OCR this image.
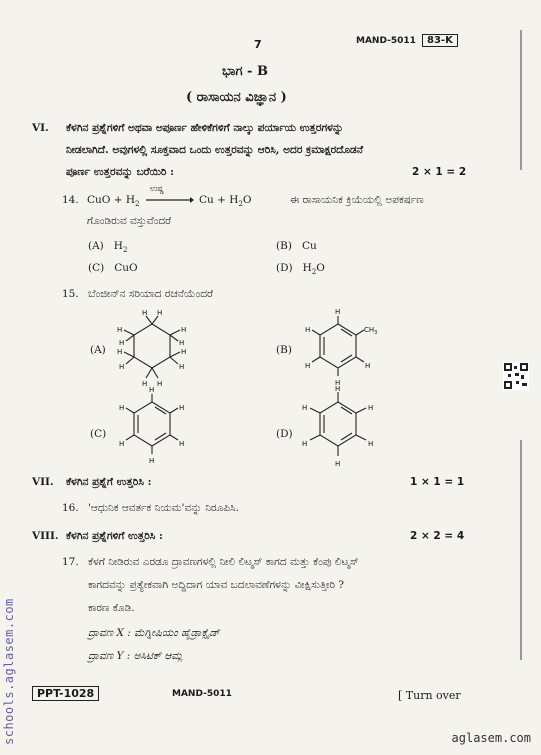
7	MAND-5011	83-K
ಭಾಗ - B
( ರಾಸಾಯನ ವಿಜ್ಞಾನ )
VI. ಕೆಳಗಿನ ಪ್ರಶ್ನೆಗಳಿಗೆ ಅಥವಾ ಅಪೂರ್ಣ ಹೇಳಿಕೆಗಳಿಗೆ ನಾಲ್ಕು ಪರ್ಯಾಯ ಉತ್ತರಗಳನ್ನು
ನೀಡಲಾಗಿದೆ. ಅವುಗಳಲ್ಲಿ ಸೂಕ್ತವಾದ ಒಂದು ಉತ್ತರವನ್ನು ಆರಿಸಿ, ಅದರ ಕ್ರಮಾಕ್ಷರದೊಡನೆ
ಪೂರ್ಣ ಉತ್ತರವನ್ನು ಬರೆಯಿರಿ :	2 × 1 = 2
14. CuO + $H_2$
ಉಷ್ಣ
→ $Cu + H_2O$	ಈ ರಾಸಾಯನಿಕ ಕ್ರಿಯೆಯಲ್ಲಿ ಅಪಕರ್ಷಣ
ಗೊಂಡಿರುವ ವಸ್ತುವೆಂದರೆ
(A) $H_2$	(B) Cu
(C) CuO	(D) $H_2O$
15. ಬೆಂಜೀನ್‌ನ ಸರಿಯಾದ ರಚನೆಯೆಂದರೆ
(A)	(B)
(C)	(D)
H H
H
H
H
H
H H
H
H
H
H
H
$CH_3$
H
H
H
H
H
H
H
H
H
H
H
H
H
H
H
H
VII. ಕೆಳಗಿನ ಪ್ರಶ್ನೆಗೆ ಉತ್ತರಿಸಿ :	1 × 1 = 1
16. 'ಆಧುನಿಕ ಆವರ್ತಕ ನಿಯಮ'ವನ್ನು ನಿರೂಪಿಸಿ.
VIII. ಕೆಳಗಿನ ಪ್ರಶ್ನೆಗಳಿಗೆ ಉತ್ತರಿಸಿ :	2 × 2 = 4
17. ಕೆಳಗೆ ನೀಡಿರುವ ಎರಡೂ ದ್ರಾವಣಗಳಲ್ಲಿ ನೀಲಿ ಲಿಟ್ಮಸ್ ಕಾಗದ ಮತ್ತು ಕೆಂಪು ಲಿಟ್ಮಸ್
ಕಾಗದವನ್ನು ಪ್ರತ್ಯೇಕವಾಗಿ ಅದ್ದಿದಾಗ ಯಾವ ಬದಲಾವಣೆಗಳನ್ನು ವೀಕ್ಷಿಸುತ್ತೀರಿ ?
ಕಾರಣ ಕೊಡಿ.
ದ್ರಾವಣ X : ಮೆಗ್ನೀಷಿಯಂ ಹೈಡ್ರಾಕ್ಸೈಡ್
ದ್ರಾವಣ Y : ಅಸಿಟಿಕ್ ಆಮ್ಲ
PPT-1028	MAND-5011	[ Turn over
schools.aglasem.com	aglasem.com
